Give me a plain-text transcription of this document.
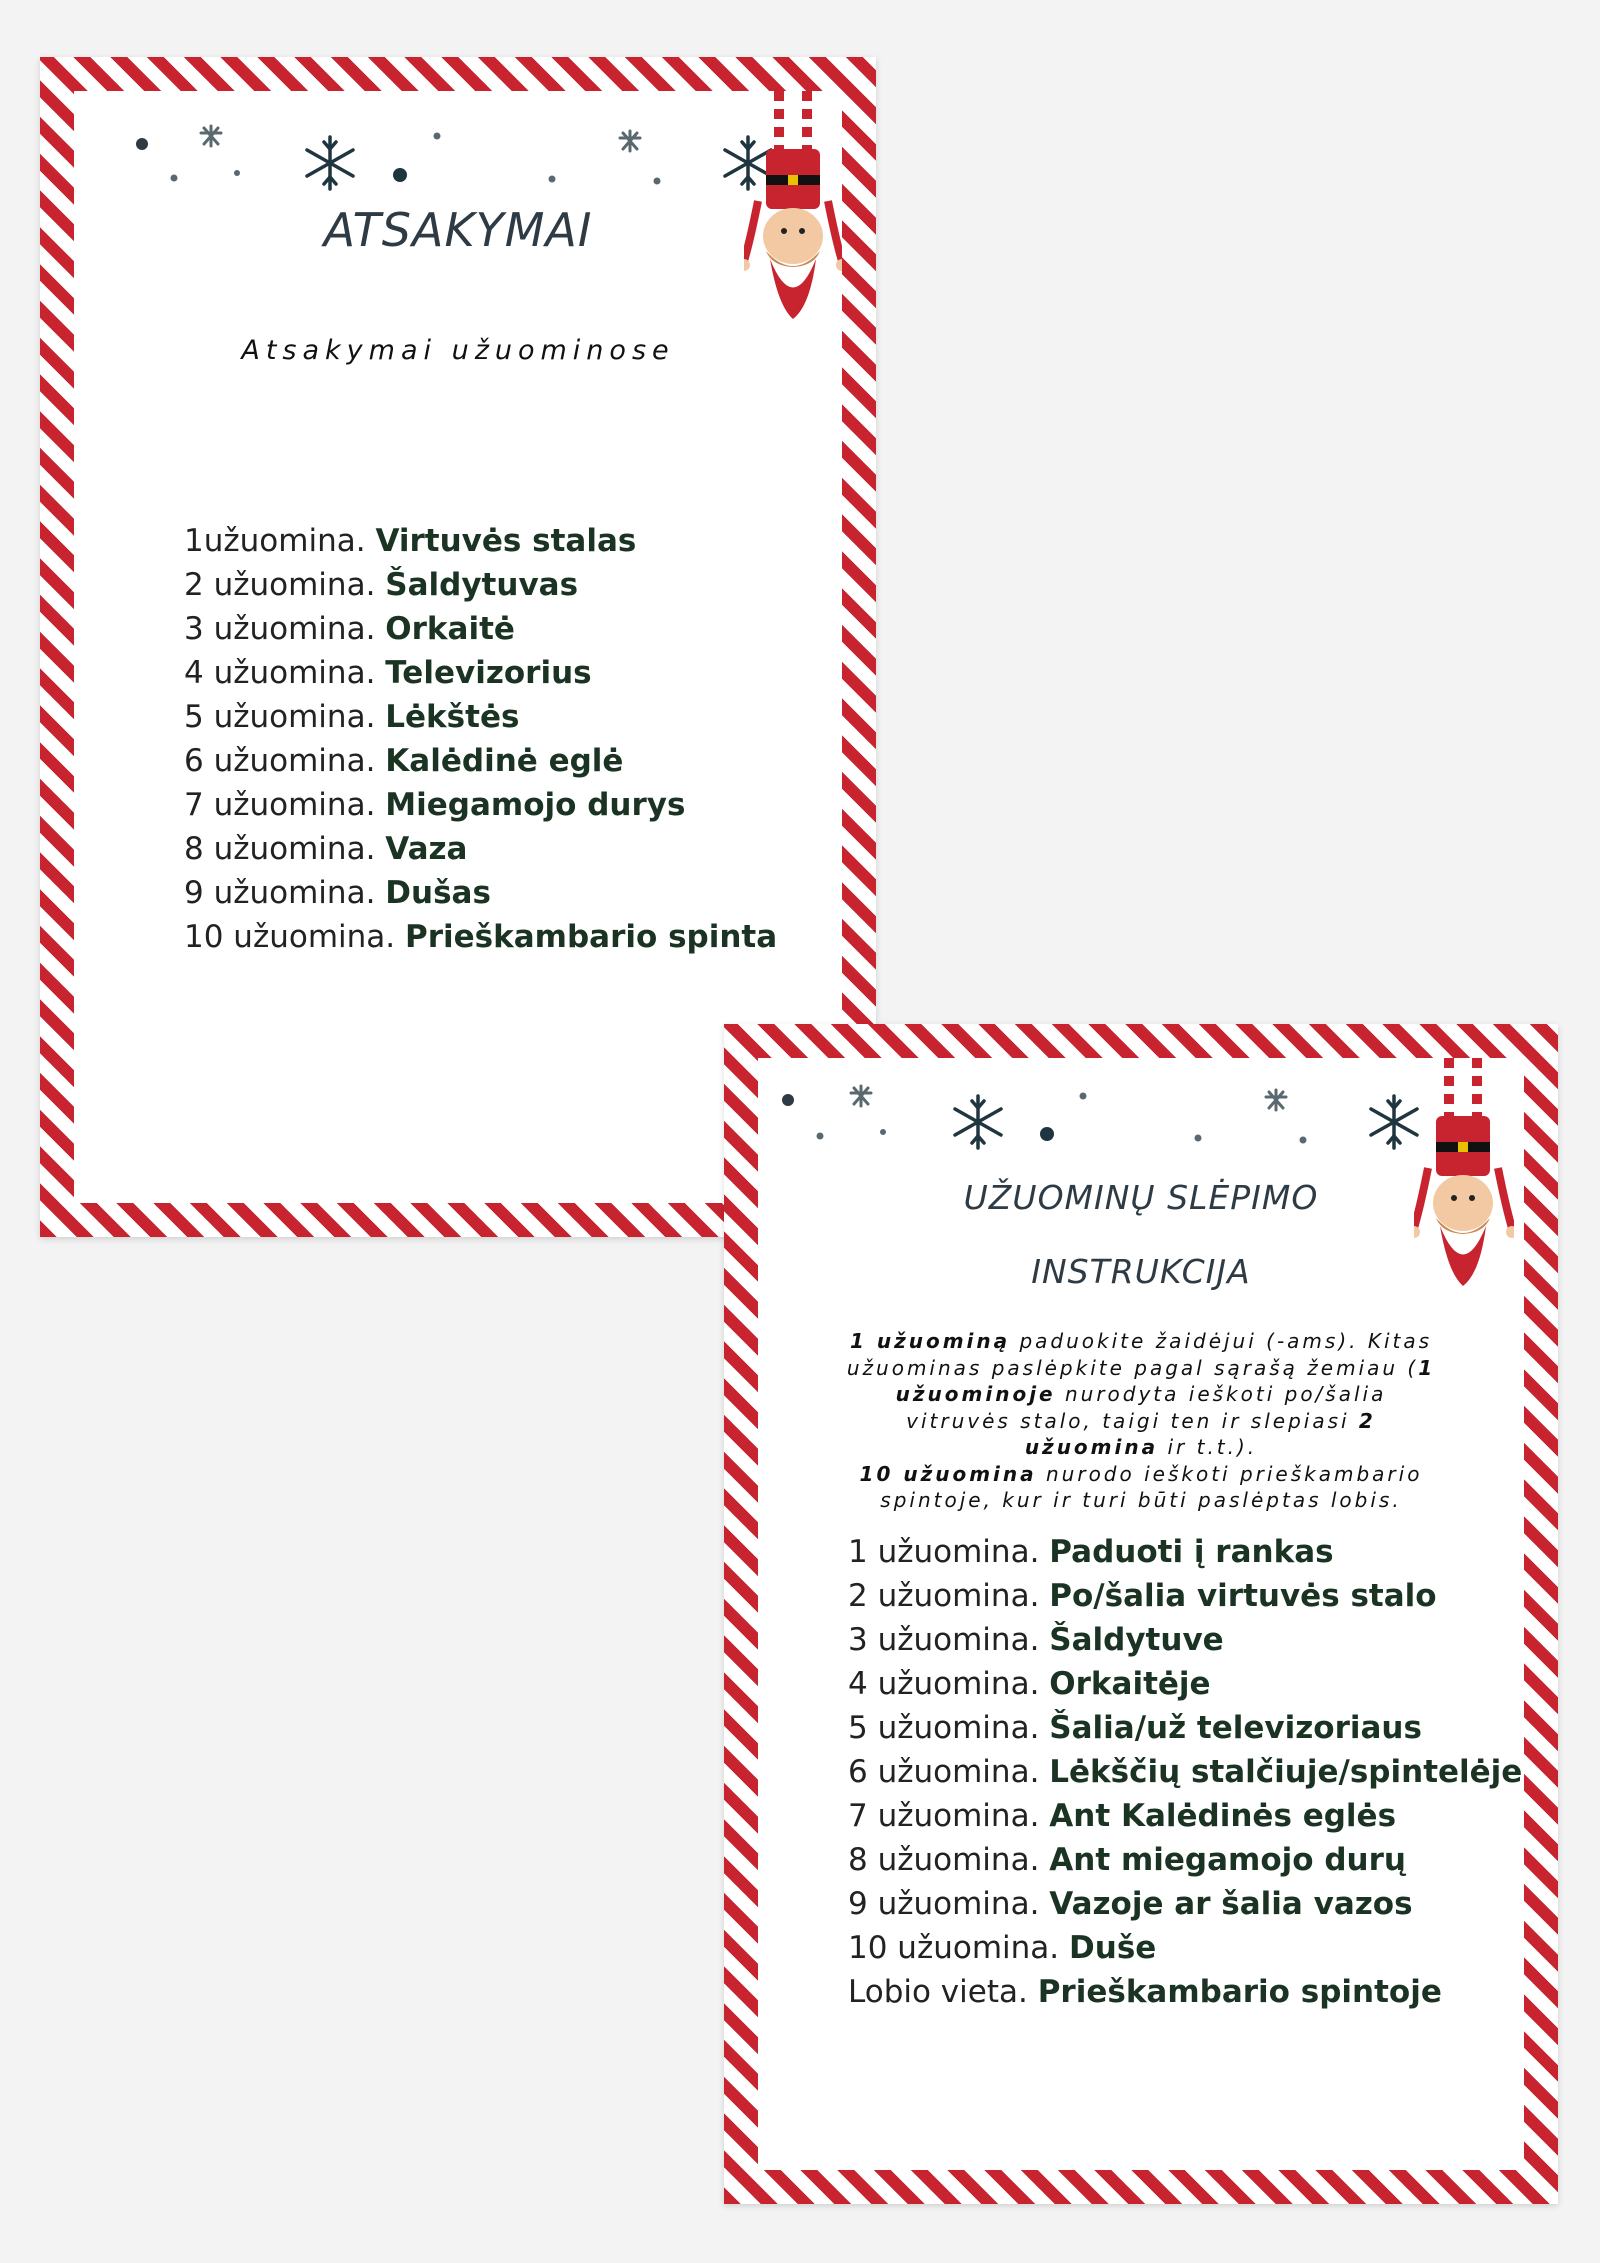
ATSAKYMAI
Atsakymai užuominose
1užuomina. Virtuvės stalas
2 užuomina. Šaldytuvas
3 užuomina. Orkaitė
4 užuomina. Televizorius
5 užuomina. Lėkštės
6 užuomina. Kalėdinė eglė
7 užuomina. Miegamojo durys
8 užuomina. Vaza
9 užuomina. Dušas
10 užuomina. Prieškambario spinta
UŽUOMINŲ SLĖPIMO
INSTRUKCIJA
1 užuominą paduokite žaidėjui (-ams). Kitas užuominas paslėpkite pagal sąrašą žemiau (1 užuominoje nurodyta ieškoti po/šalia vitruvės stalo, taigi ten ir slepiasi 2 užuomina ir t.t.).
10 užuomina nurodo ieškoti prieškambario spintoje, kur ir turi būti paslėptas lobis.
1 užuomina. Paduoti į rankas
2 užuomina. Po/šalia virtuvės stalo
3 užuomina. Šaldytuve
4 užuomina. Orkaitėje
5 užuomina. Šalia/už televizoriaus
6 užuomina. Lėkščių stalčiuje/spintelėje
7 užuomina. Ant Kalėdinės eglės
8 užuomina. Ant miegamojo durų
9 užuomina. Vazoje ar šalia vazos
10 užuomina. Duše
Lobio vieta. Prieškambario spintoje
